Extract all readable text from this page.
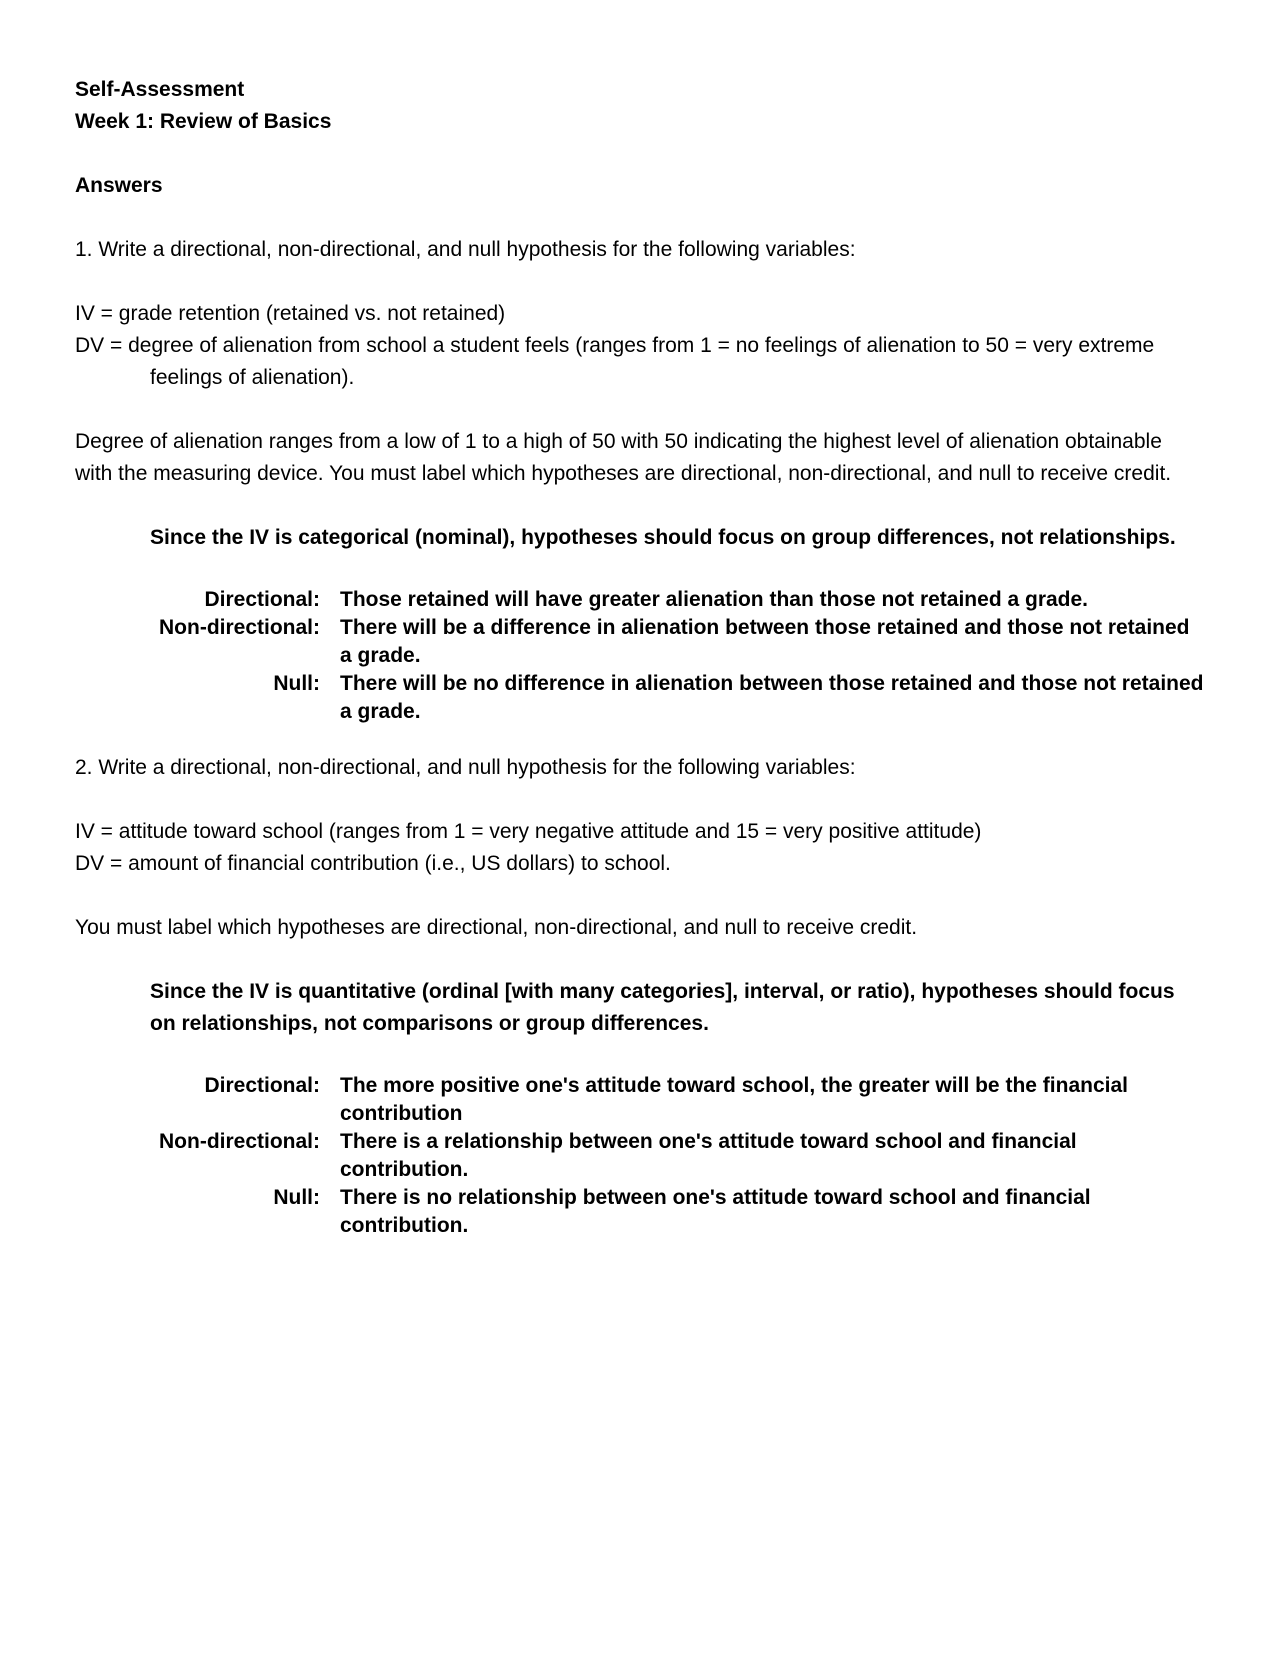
Self-Assessment

Week 1: Review of Basics

Answers

1. Write a directional, non-directional, and null hypothesis for the following variables:

IV = grade retention (retained vs. not retained)

DV = degree of alienation from school a student feels (ranges from 1 = no feelings of alienation to 50 = very extreme feelings of alienation).

Degree of alienation ranges from a low of 1 to a high of 50 with 50 indicating the highest level of alienation obtainable with the measuring device. You must label which hypotheses are directional, non-directional, and null to receive credit.

Since the IV is categorical (nominal), hypotheses should focus on group differences, not relationships.

Directional:	Those retained will have greater alienation than those not retained a grade.
Non-directional:	There will be a difference in alienation between those retained and those not retained a grade.
Null:	There will be no difference in alienation between those retained and those not retained a grade.

2. Write a directional, non-directional, and null hypothesis for the following variables:

IV = attitude toward school (ranges from 1 = very negative attitude and 15 = very positive attitude)

DV = amount of financial contribution (i.e., US dollars) to school.

You must label which hypotheses are directional, non-directional, and null to receive credit.

Since the IV is quantitative (ordinal [with many categories], interval, or ratio), hypotheses should focus on relationships, not comparisons or group differences.

Directional:	The more positive one's attitude toward school, the greater will be the financial contribution
Non-directional:	There is a relationship between one's attitude toward school and financial contribution.
Null:	There is no relationship between one's attitude toward school and financial contribution.
